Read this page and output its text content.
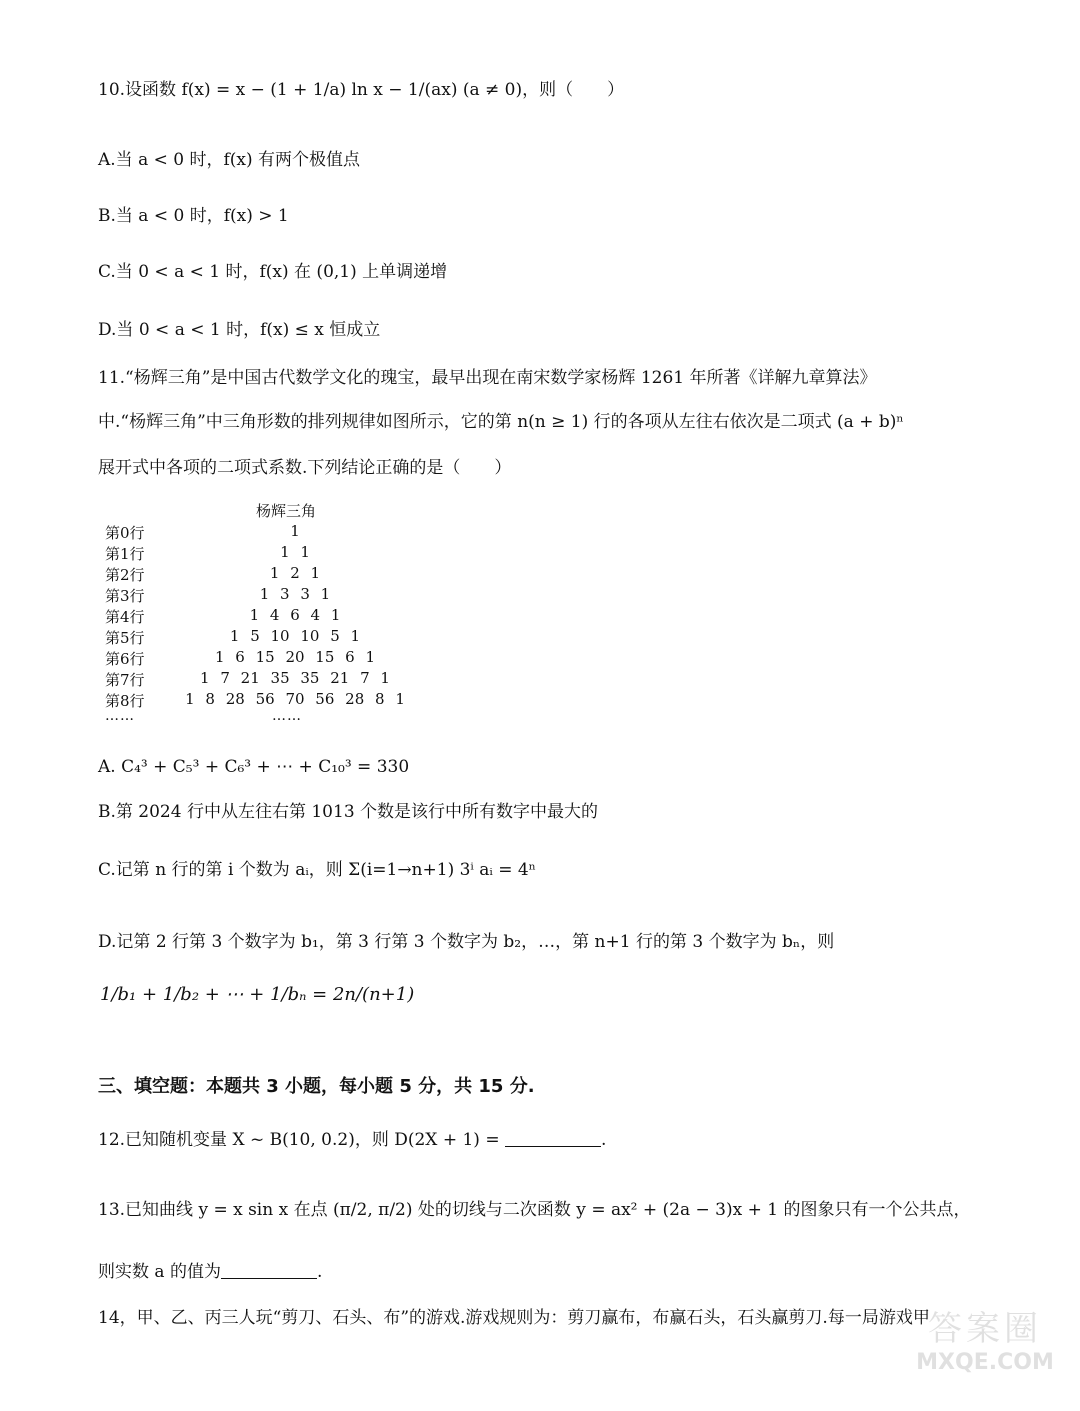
10.设函数 f(x) = x − (1 + 1/a) ln x − 1/(ax) (a ≠ 0)，则（　　）
A.当 a < 0 时，f(x) 有两个极值点
B.当 a < 0 时，f(x) > 1
C.当 0 < a < 1 时，f(x) 在 (0,1) 上单调递增
D.当 0 < a < 1 时，f(x) ≤ x 恒成立
11.“杨辉三角”是中国古代数学文化的瑰宝，最早出现在南宋数学家杨辉 1261 年所著《详解九章算法》
中.“杨辉三角”中三角形数的排列规律如图所示，它的第 n(n ≥ 1) 行的各项从左往右依次是二项式 (a + b)ⁿ
展开式中各项的二项式系数.下列结论正确的是（　　）
杨辉三角
第0行	1
第1行	1 1
第2行	1 2 1
第3行	1 3 3 1
第4行	1 4 6 4 1
第5行	1 5 10 10 5 1
第6行	1 6 15 20 15 6 1
第7行	1 7 21 35 35 21 7 1
第8行	1 8 28 56 70 56 28 8 1
……	……
A. C₄³ + C₅³ + C₆³ + ⋯ + C₁₀³ = 330
B.第 2024 行中从左往右第 1013 个数是该行中所有数字中最大的
C.记第 n 行的第 i 个数为 aᵢ，则 Σ(i=1→n+1) 3ⁱ aᵢ = 4ⁿ
D.记第 2 行第 3 个数字为 b₁，第 3 行第 3 个数字为 b₂，…，第 n+1 行的第 3 个数字为 bₙ，则
1/b₁ + 1/b₂ + ⋯ + 1/bₙ = 2n/(n+1)
三、填空题：本题共 3 小题，每小题 5 分，共 15 分.
12.已知随机变量 X ~ B(10, 0.2)，则 D(2X + 1) =	.
13.已知曲线 y = x sin x 在点 (π/2, π/2) 处的切线与二次函数 y = ax² + (2a − 3)x + 1 的图象只有一个公共点，
则实数 a 的值为	.
14，甲、乙、丙三人玩“剪刀、石头、布”的游戏.游戏规则为：剪刀赢布，布赢石头，石头赢剪刀.每一局游戏甲
答案圈
MXQE.COM
